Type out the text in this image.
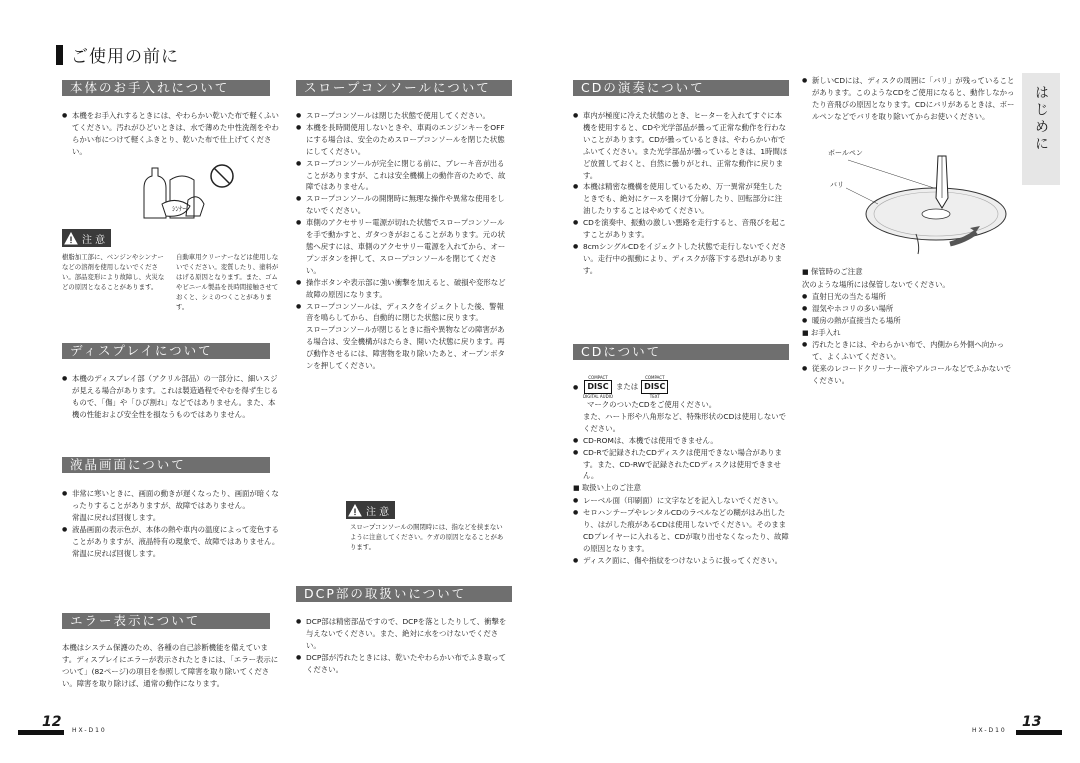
ご使用の前に
はじめに
本体のお手入れについて
● 本機をお手入れするときには、やわらかい乾いた布で軽くふいてください。汚れがひどいときは、水で薄めた中性洗剤をやわらかい布につけて軽くふきとり、乾いた布で仕上げてください。
ｼﾝﾅｰ
注 意
樹脂加工部に、ベンジンやシンナーなどの溶剤を使用しないでください。部品変形により故障し、火災などの原因となることがあります。
自動車用クリーナーなどは使用しないでください。変質したり、塗料がはげる原因となります。また、ゴムやビニール製品を長時間接触させておくと、シミのつくことがあります。
ディスプレイについて
● 本機のディスプレイ部（アクリル部品）の一部分に、細いスジが見える場合があります。これは製造過程でやむを得ず生じるもので、「傷」や「ひび割れ」などではありません。また、本機の性能および安全性を損なうものではありません。
液晶画面について
● 非常に寒いときに、画面の動きが遅くなったり、画面が暗くなったりすることがありますが、故障ではありません。
常温に戻れば回復します。
● 液晶画面の表示色が、本体の熱や車内の温度によって変色することがありますが、液晶特有の現象で、故障ではありません。
常温に戻れば回復します。
エラー表示について
本機はシステム保護のため、各種の自己診断機能を備えています。ディスプレイにエラーが表示されたときには、「エラー表示について」(82ページ)の項目を参照して障害を取り除いてください。障害を取り除けば、通常の動作になります。
スロープコンソールについて
● スロープコンソールは閉じた状態で使用してください。
● 本機を長時間使用しないときや、車両のエンジンキーをOFFにする場合は、安全のためスロープコンソールを閉じた状態にしてください。
● スロープコンソールが完全に閉じる前に、ブレーキ音が出ることがありますが、これは安全機構上の動作音のためで、故障ではありません。
● スロープコンソールの開閉時に無理な操作や異常な使用をしないでください。
● 車側のアクセサリー電源が切れた状態でスロープコンソールを手で動かすと、ガタつきがおこることがあります。元の状態へ戻すには、車側のアクセサリー電源を入れてから、オープンボタンを押して、スロープコンソールを閉じてください。
● 操作ボタンや表示部に強い衝撃を加えると、破損や変形など故障の原因になります。
● スロープコンソールは、ディスクをイジェクトした後、警報音を鳴らしてから、自動的に閉じた状態に戻ります。
スロープコンソールが閉じるときに指や異物などの障害がある場合は、安全機構がはたらき、開いた状態に戻ります。再び動作させるには、障害物を取り除いたあと、オープンボタンを押してください。
注 意
スロープコンソールの開閉時には、指などを挟まないように注意してください。ケガの原因となることがあります。
DCP部の取扱いについて
● DCP部は精密部品ですので、DCPを落としたりして、衝撃を与えないでください。また、絶対に水をつけないでください。
● DCP部が汚れたときには、乾いたやわらかい布でふき取ってください。
CDの演奏について
● 車内が極度に冷えた状態のとき、ヒーターを入れてすぐに本機を使用すると、CDや光学部品が曇って正常な動作を行わないことがあります。CDが曇っているときは、やわらかい布でふいてください。また光学部品が曇っているときは、1時間ほど放置しておくと、自然に曇りがとれ、正常な動作に戻ります。
● 本機は精密な機構を使用しているため、万一異常が発生したときでも、絶対にケースを開けて分解したり、回転部分に注油したりすることはやめてください。
● CDを演奏中、振動の激しい悪路を走行すると、音飛びを起こすことがあります。
● 8cmシングルCDをイジェクトした状態で走行しないでください。走行中の振動により、ディスクが落下する恐れがあります。
CDについて
●
COMPACT
DISC
DIGITAL AUDIO
または
COMPACT
DISC
TEXT
マークのついたCDをご使用ください。

また、ハート形や八角形など、特殊形状のCDは使用しないでください。

● CD-ROMは、本機では使用できません。
● CD-Rで記録されたCDディスクは使用できない場合があります。また、CD-RWで記録されたCDディスクは使用できません。
■ 取扱い上のご注意
● レーベル面（印刷面）に文字などを記入しないでください。
● セロハンテープやレンタルCDのラベルなどの糊がはみ出したり、はがした痕があるCDは使用しないでください。そのままCDプレイヤーに入れると、CDが取り出せなくなったり、故障の原因となります。
● ディスク面に、傷や指紋をつけないように扱ってください。
● 新しいCDには、ディスクの周囲に「バリ」が残っていることがあります。このようなCDをご使用になると、動作しなかったり音飛びの原因となります。CDにバリがあるときは、ボールペンなどでバリを取り除いてからお使いください。
ボールペン
バリ
■ 保管時のご注意
次のような場所には保管しないでください。
● 直射日光の当たる場所
● 湿気やホコリの多い場所
● 暖房の熱が直接当たる場所
■ お手入れ
● 汚れたときには、やわらかい布で、内側から外側へ向かって、よくふいてください。
● 従来のレコードクリーナー液やアルコールなどでふかないでください。
12
HX-D10
13
HX-D10
